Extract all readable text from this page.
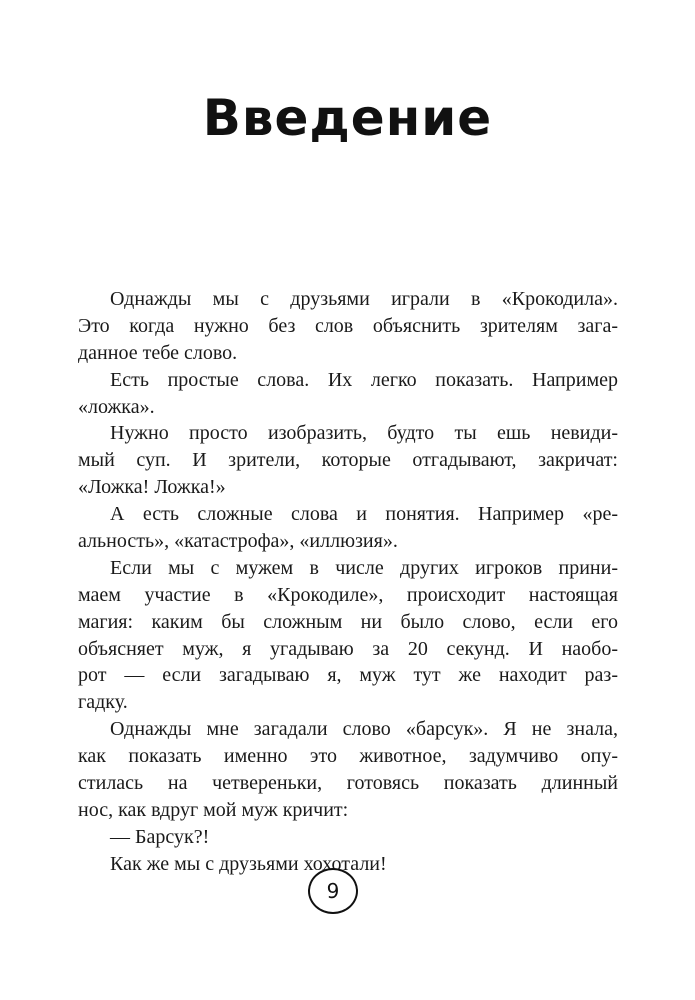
Введение
Однажды мы с друзьями играли в «Крокодила».
Это когда нужно без слов объяснить зрителям зага-
данное тебе слово.
Есть простые слова. Их легко показать. Например
«ложка».
Нужно просто изобразить, будто ты ешь невиди-
мый суп. И зрители, которые отгадывают, закричат:
«Ложка! Ложка!»
А есть сложные слова и понятия. Например «ре-
альность», «катастрофа», «иллюзия».
Если мы с мужем в числе других игроков прини-
маем участие в «Крокодиле», происходит настоящая
магия: каким бы сложным ни было слово, если его
объясняет муж, я угадываю за 20 секунд. И наобо-
рот — если загадываю я, муж тут же находит раз-
гадку.
Однажды мне загадали слово «барсук». Я не знала,
как показать именно это животное, задумчиво опу-
стилась на четвереньки, готовясь показать длинный
нос, как вдруг мой муж кричит:
— Барсук?!
Как же мы с друзьями хохотали!
9
